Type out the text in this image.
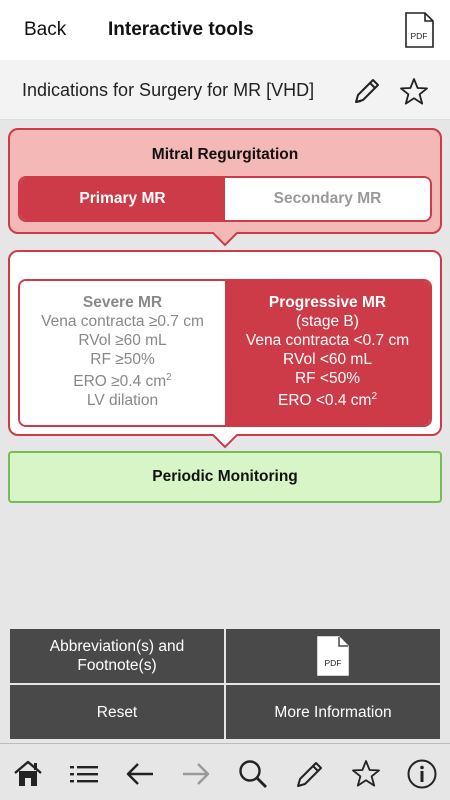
Back Interactive tools	PDF
Indications for Surgery for MR [VHD]
Mitral Regurgitation
Primary MR	Secondary MR
Severe MR
Vena contracta ≥0.7 cm
RVol ≥60 mL
RF ≥50%
ERO ≥0.4 $cm^2$
LV dilation
Progressive MR
(stage B)
Vena contracta <0.7 cm
RVol <60 mL
RF <50%
ERO <0.4 $cm^2$
Periodic Monitoring
Abbreviation(s) and Footnote(s)	PDF
Reset	More Information
